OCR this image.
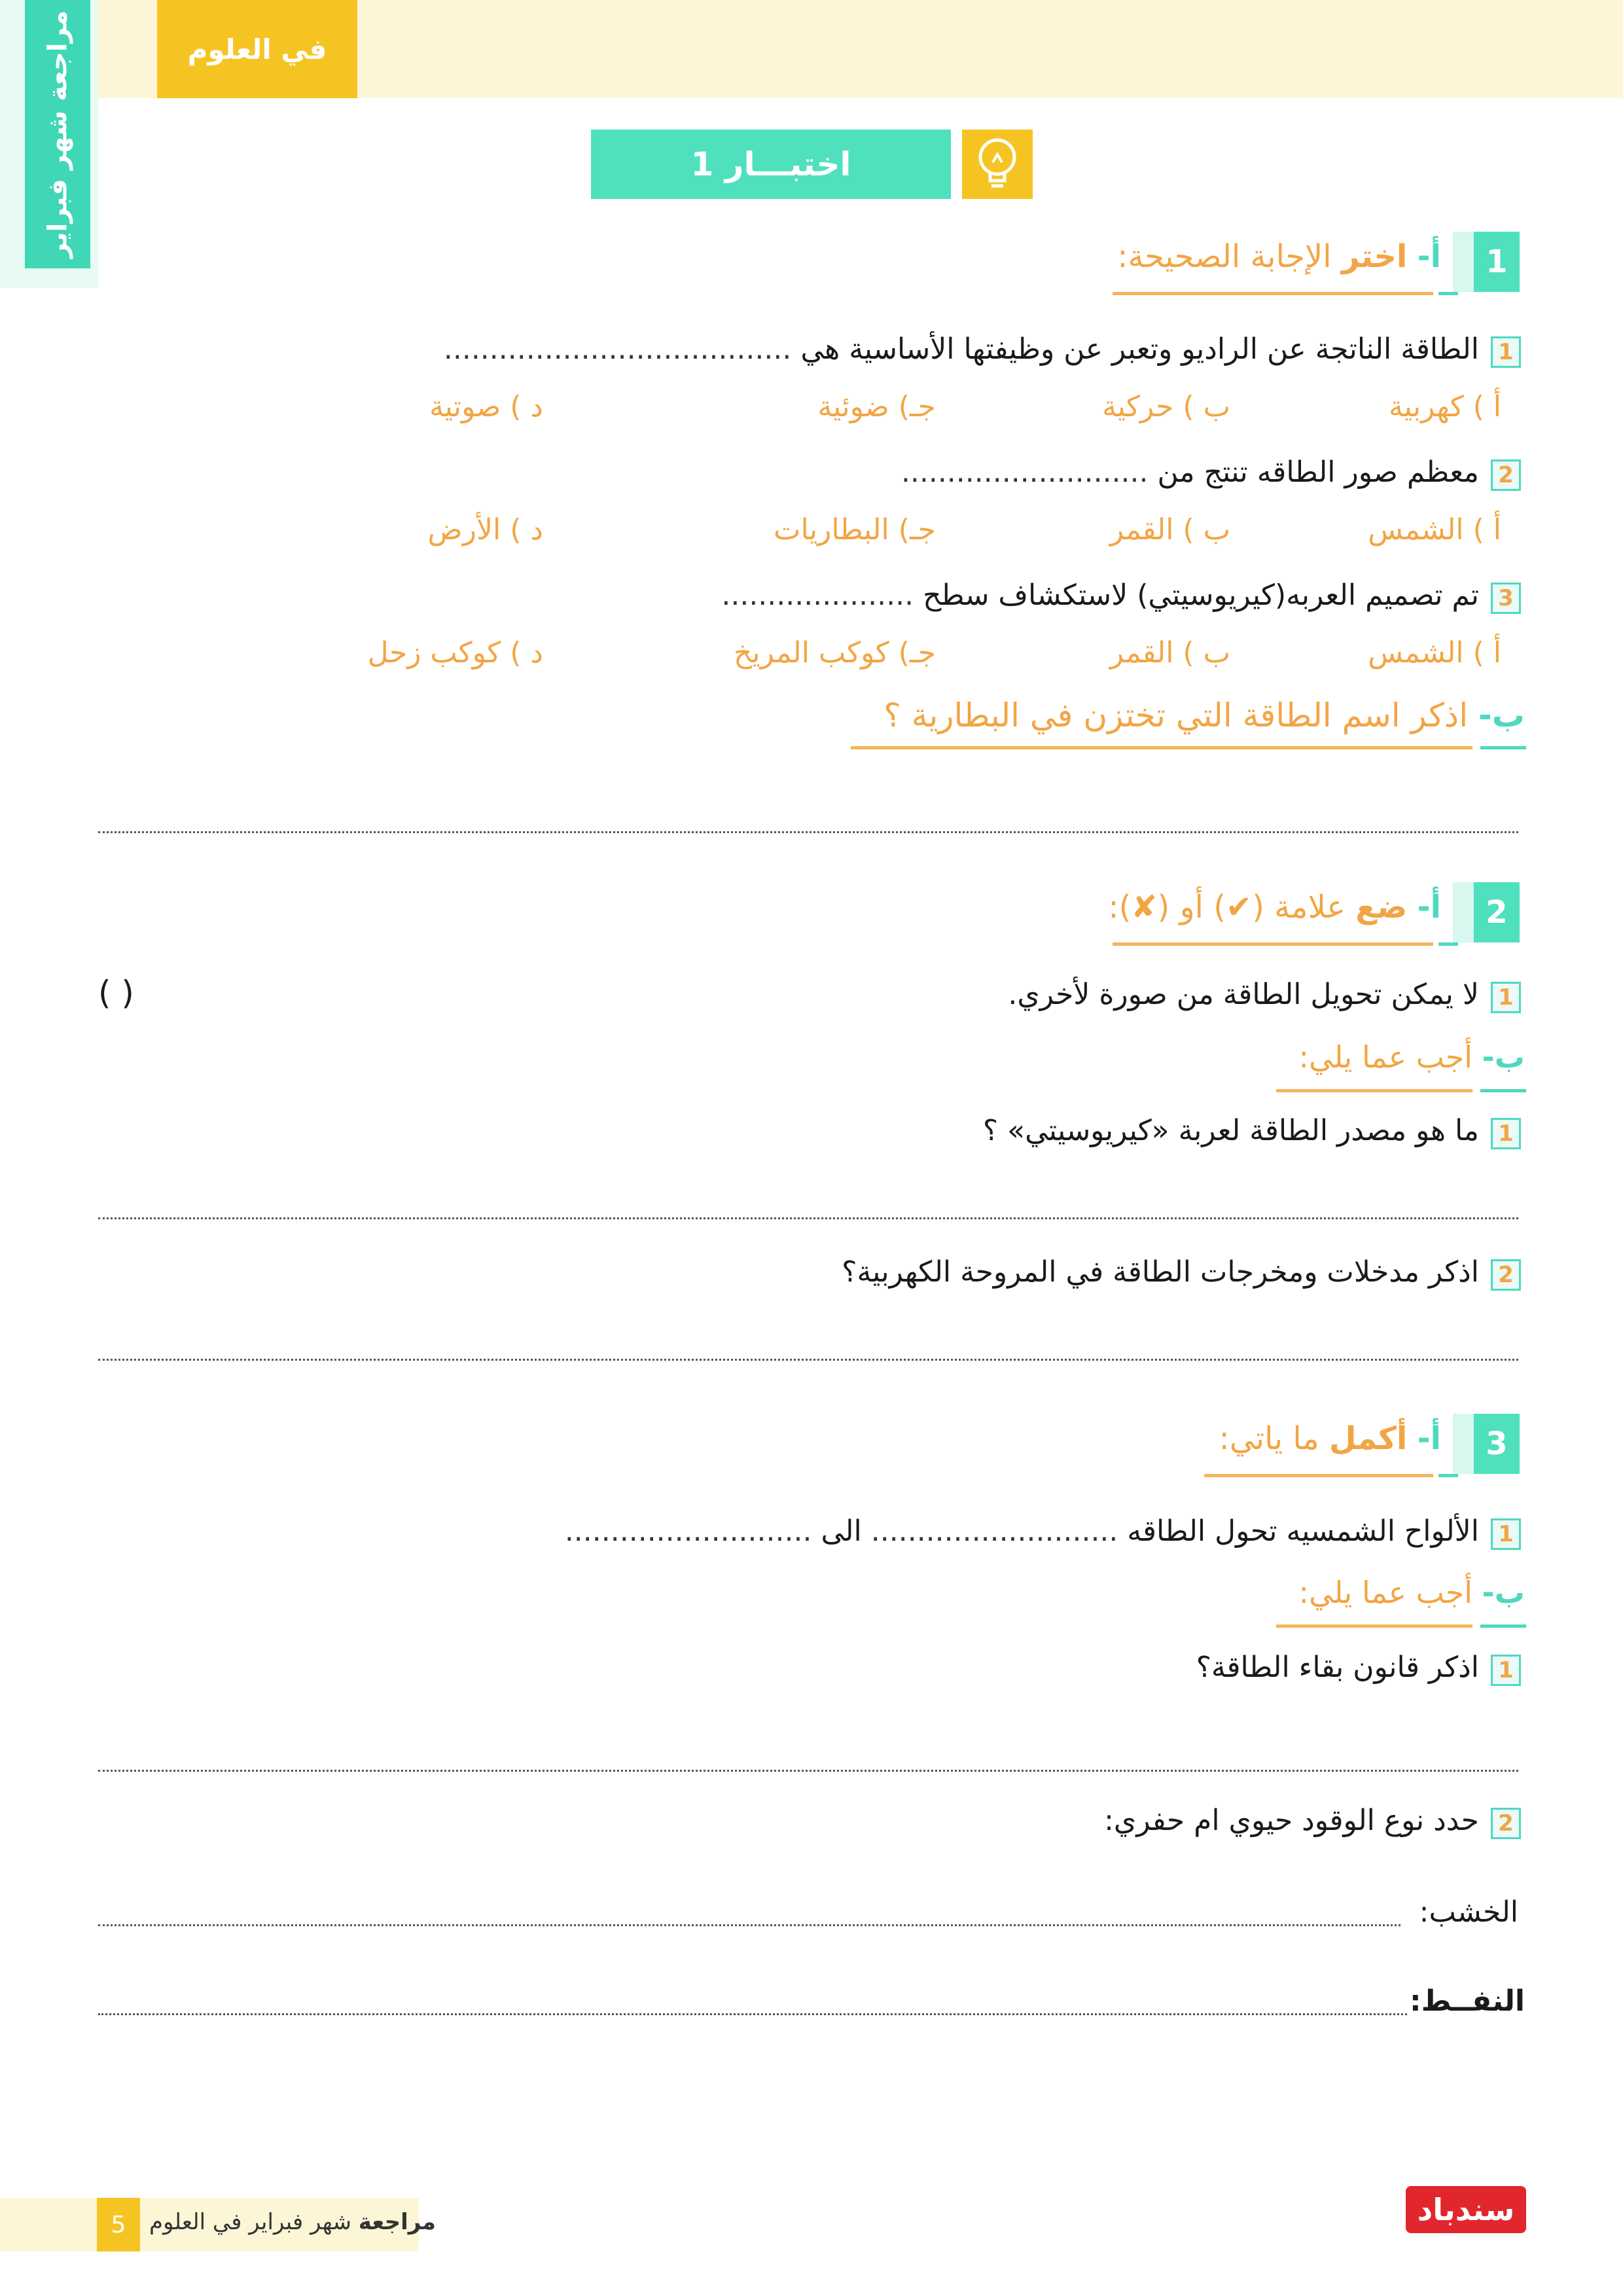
مراجعة شهر فبراير	في العلوم
اختبـــار 1
1
أ- اختر الإجابة الصحيحة:
1
الطاقة الناتجة عن الراديو وتعبر عن وظيفتها الأساسية هي ......................................
أ ) كهربية
ب ) حركية
جـ) ضوئية
د ) صوتية
2
معظم صور الطاقه تنتج من ...........................
أ ) الشمس
ب ) القمر
جـ) البطاريات
د ) الأرض
3
تم تصميم العربه(كيريوسيتي) لاستكشاف سطح .....................
أ ) الشمس
ب ) القمر
جـ) كوكب المريخ
د ) كوكب زحل
ب- اذكر اسم الطاقة التي تختزن في البطارية ؟
2
أ- ضع علامة (✔) أو (✘):
1
لا يمكن تحويل الطاقة من صورة لأخري.
( )
ب- أجب عما يلي:
1
ما هو مصدر الطاقة لعربة «كيريوسيتي» ؟
2
اذكر مدخلات ومخرجات الطاقة في المروحة الكهربية؟
3
أ- أكمل ما ياتي:
1
الألواح الشمسيه تحول الطاقه ........................... الى ...........................
ب- أجب عما يلي:
1
اذكر قانون بقاء الطاقة؟
2
حدد نوع الوقود حيوي ام حفري:
الخشب:
النفــط:
5	مراجعة شهر فبراير في العلوم	سندباد
